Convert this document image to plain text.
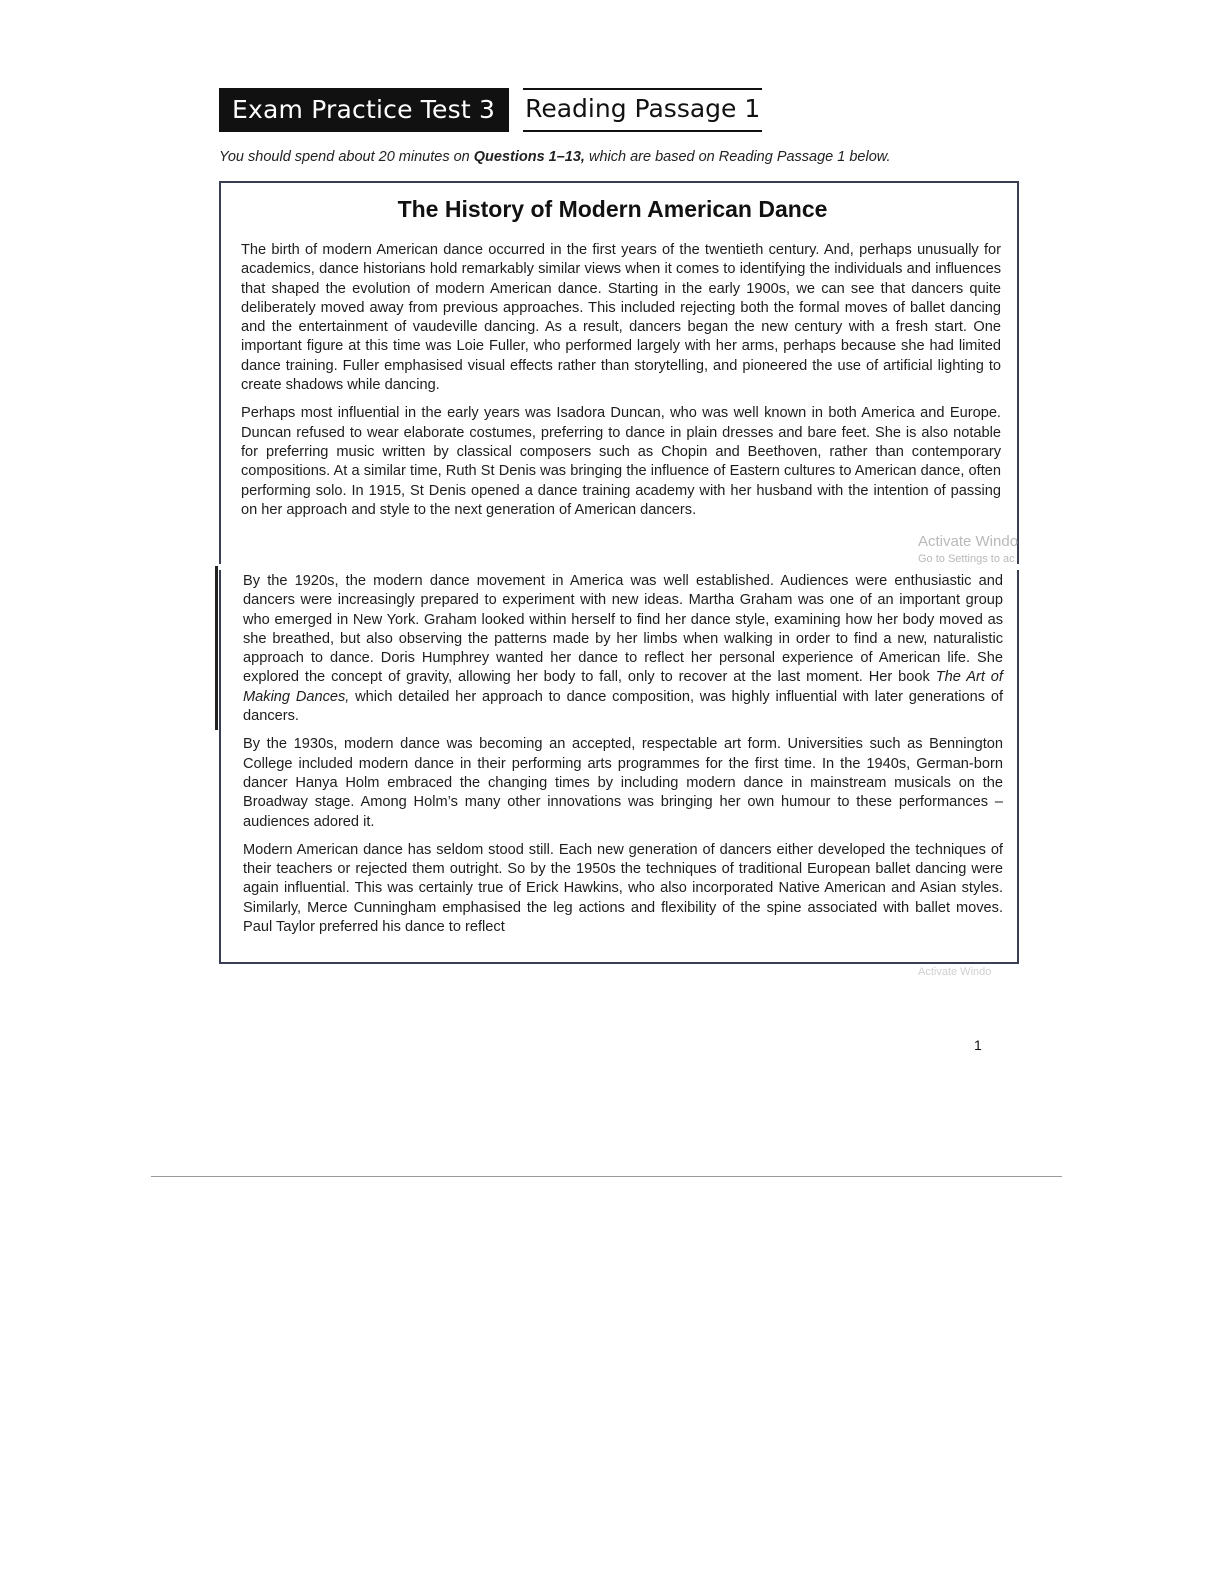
Exam Practice Test 3	Reading Passage 1
You should spend about 20 minutes on Questions 1–13, which are based on Reading Passage 1 below.
The History of Modern American Dance

The birth of modern American dance occurred in the first years of the twentieth century. And, perhaps unusually for academics, dance historians hold remarkably similar views when it comes to identifying the individuals and influences that shaped the evolution of modern American dance. Starting in the early 1900s, we can see that dancers quite deliberately moved away from previous approaches. This included rejecting both the formal moves of ballet dancing and the entertainment of vaudeville dancing. As a result, dancers began the new century with a fresh start. One important figure at this time was Loie Fuller, who performed largely with her arms, perhaps because she had limited dance training. Fuller emphasised visual effects rather than storytelling, and pioneered the use of artificial lighting to create shadows while dancing.

Perhaps most influential in the early years was Isadora Duncan, who was well known in both America and Europe. Duncan refused to wear elaborate costumes, preferring to dance in plain dresses and bare feet. She is also notable for preferring music written by classical composers such as Chopin and Beethoven, rather than contemporary compositions. At a similar time, Ruth St Denis was bringing the influence of Eastern cultures to American dance, often performing solo. In 1915, St Denis opened a dance training academy with her husband with the intention of passing on her approach and style to the next generation of American dancers.

By the 1920s, the modern dance movement in America was well established. Audiences were enthusiastic and dancers were increasingly prepared to experiment with new ideas. Martha Graham was one of an important group who emerged in New York. Graham looked within herself to find her dance style, examining how her body moved as she breathed, but also observing the patterns made by her limbs when walking in order to find a new, naturalistic approach to dance. Doris Humphrey wanted her dance to reflect her personal experience of American life. She explored the concept of gravity, allowing her body to fall, only to recover at the last moment. Her book The Art of Making Dances, which detailed her approach to dance composition, was highly influential with later generations of dancers.

By the 1930s, modern dance was becoming an accepted, respectable art form. Universities such as Bennington College included modern dance in their performing arts programmes for the first time. In the 1940s, German-born dancer Hanya Holm embraced the changing times by including modern dance in mainstream musicals on the Broadway stage. Among Holm’s many other innovations was bringing her own humour to these performances – audiences adored it.

Modern American dance has seldom stood still. Each new generation of dancers either developed the techniques of their teachers or rejected them outright. So by the 1950s the techniques of traditional European ballet dancing were again influential. This was certainly true of Erick Hawkins, who also incorporated Native American and Asian styles. Similarly, Merce Cunningham emphasised the leg actions and flexibility of the spine associated with ballet moves. Paul Taylor preferred his dance to reflect

Activate Windo
Go to Settings to ac
Activate Windo
1
